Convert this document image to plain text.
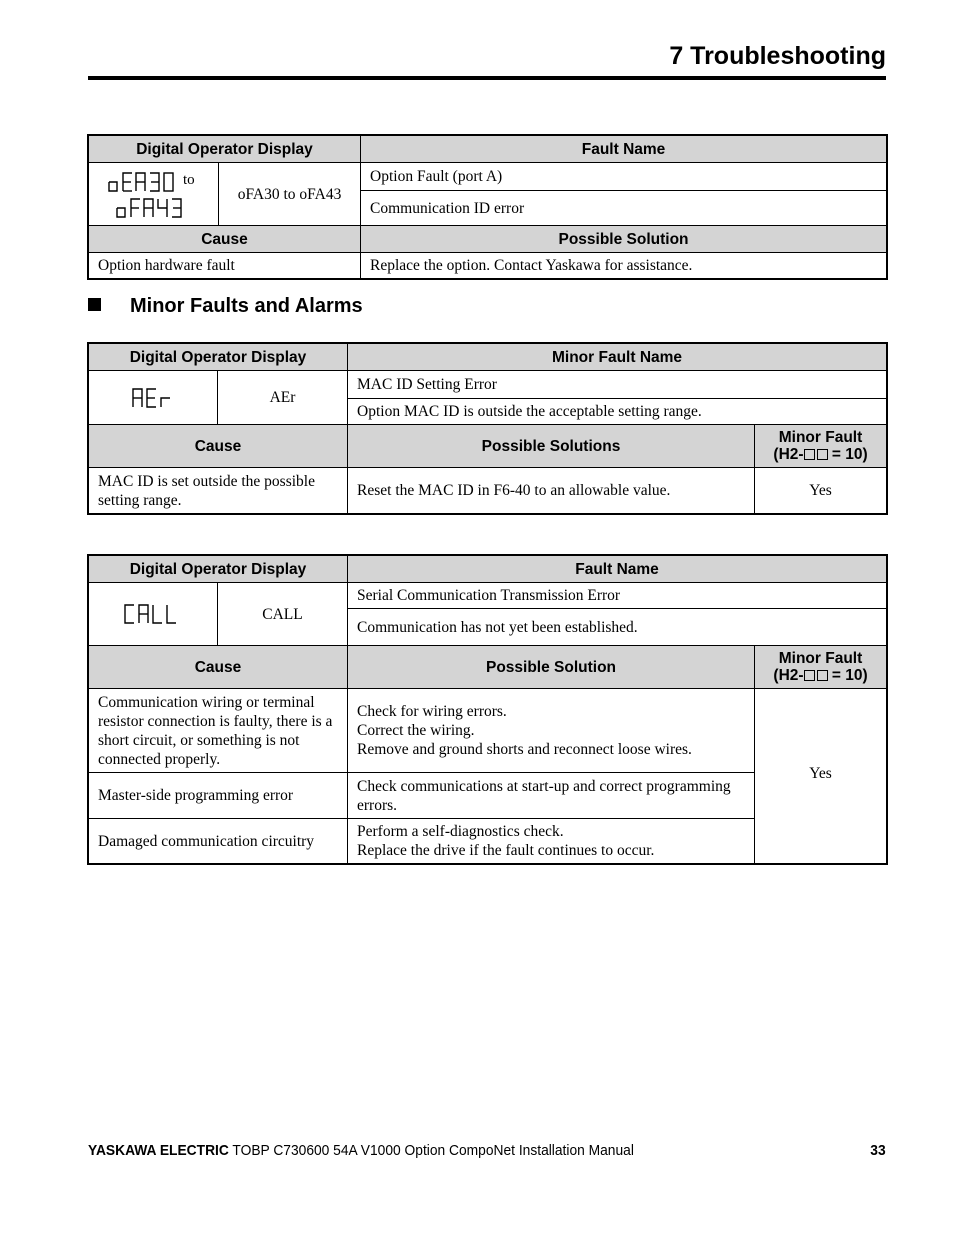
7 Troubleshooting
Digital Operator Display		Fault Name

to	oFA30 to oFA43	Option Fault (port A)
		Communication ID error
Cause		Possible Solution
Option hardware fault		Replace the option. Contact Yaskawa for assistance.
Minor Faults and Alarms
Digital Operator Display		Minor Fault Name	

	AEr	MAC ID Setting Error	
		Option MAC ID is outside the acceptable setting range.	
Cause		Possible Solutions	Minor Fault
(H2- = 10)
MAC ID is set outside the possible setting range.		Reset the MAC ID in F6-40 to an allowable value.	Yes
Digital Operator Display		Fault Name	

	CALL	Serial Communication Transmission Error	
		Communication has not yet been established.	
Cause		Possible Solution	Minor Fault
(H2- = 10)
Communication wiring or terminal resistor connection is faulty, there is a short circuit, or something is not connected properly.		Check for wiring errors.
Correct the wiring.
Remove and ground shorts and reconnect loose wires.	Yes
Master-side programming error		Check communications at start-up and correct programming errors.	
Damaged communication circuitry		Perform a self-diagnostics check.
Replace the drive if the fault continues to occur.	
YASKAWA ELECTRIC TOBP C730600 54A V1000 Option CompoNet Installation Manual	33
